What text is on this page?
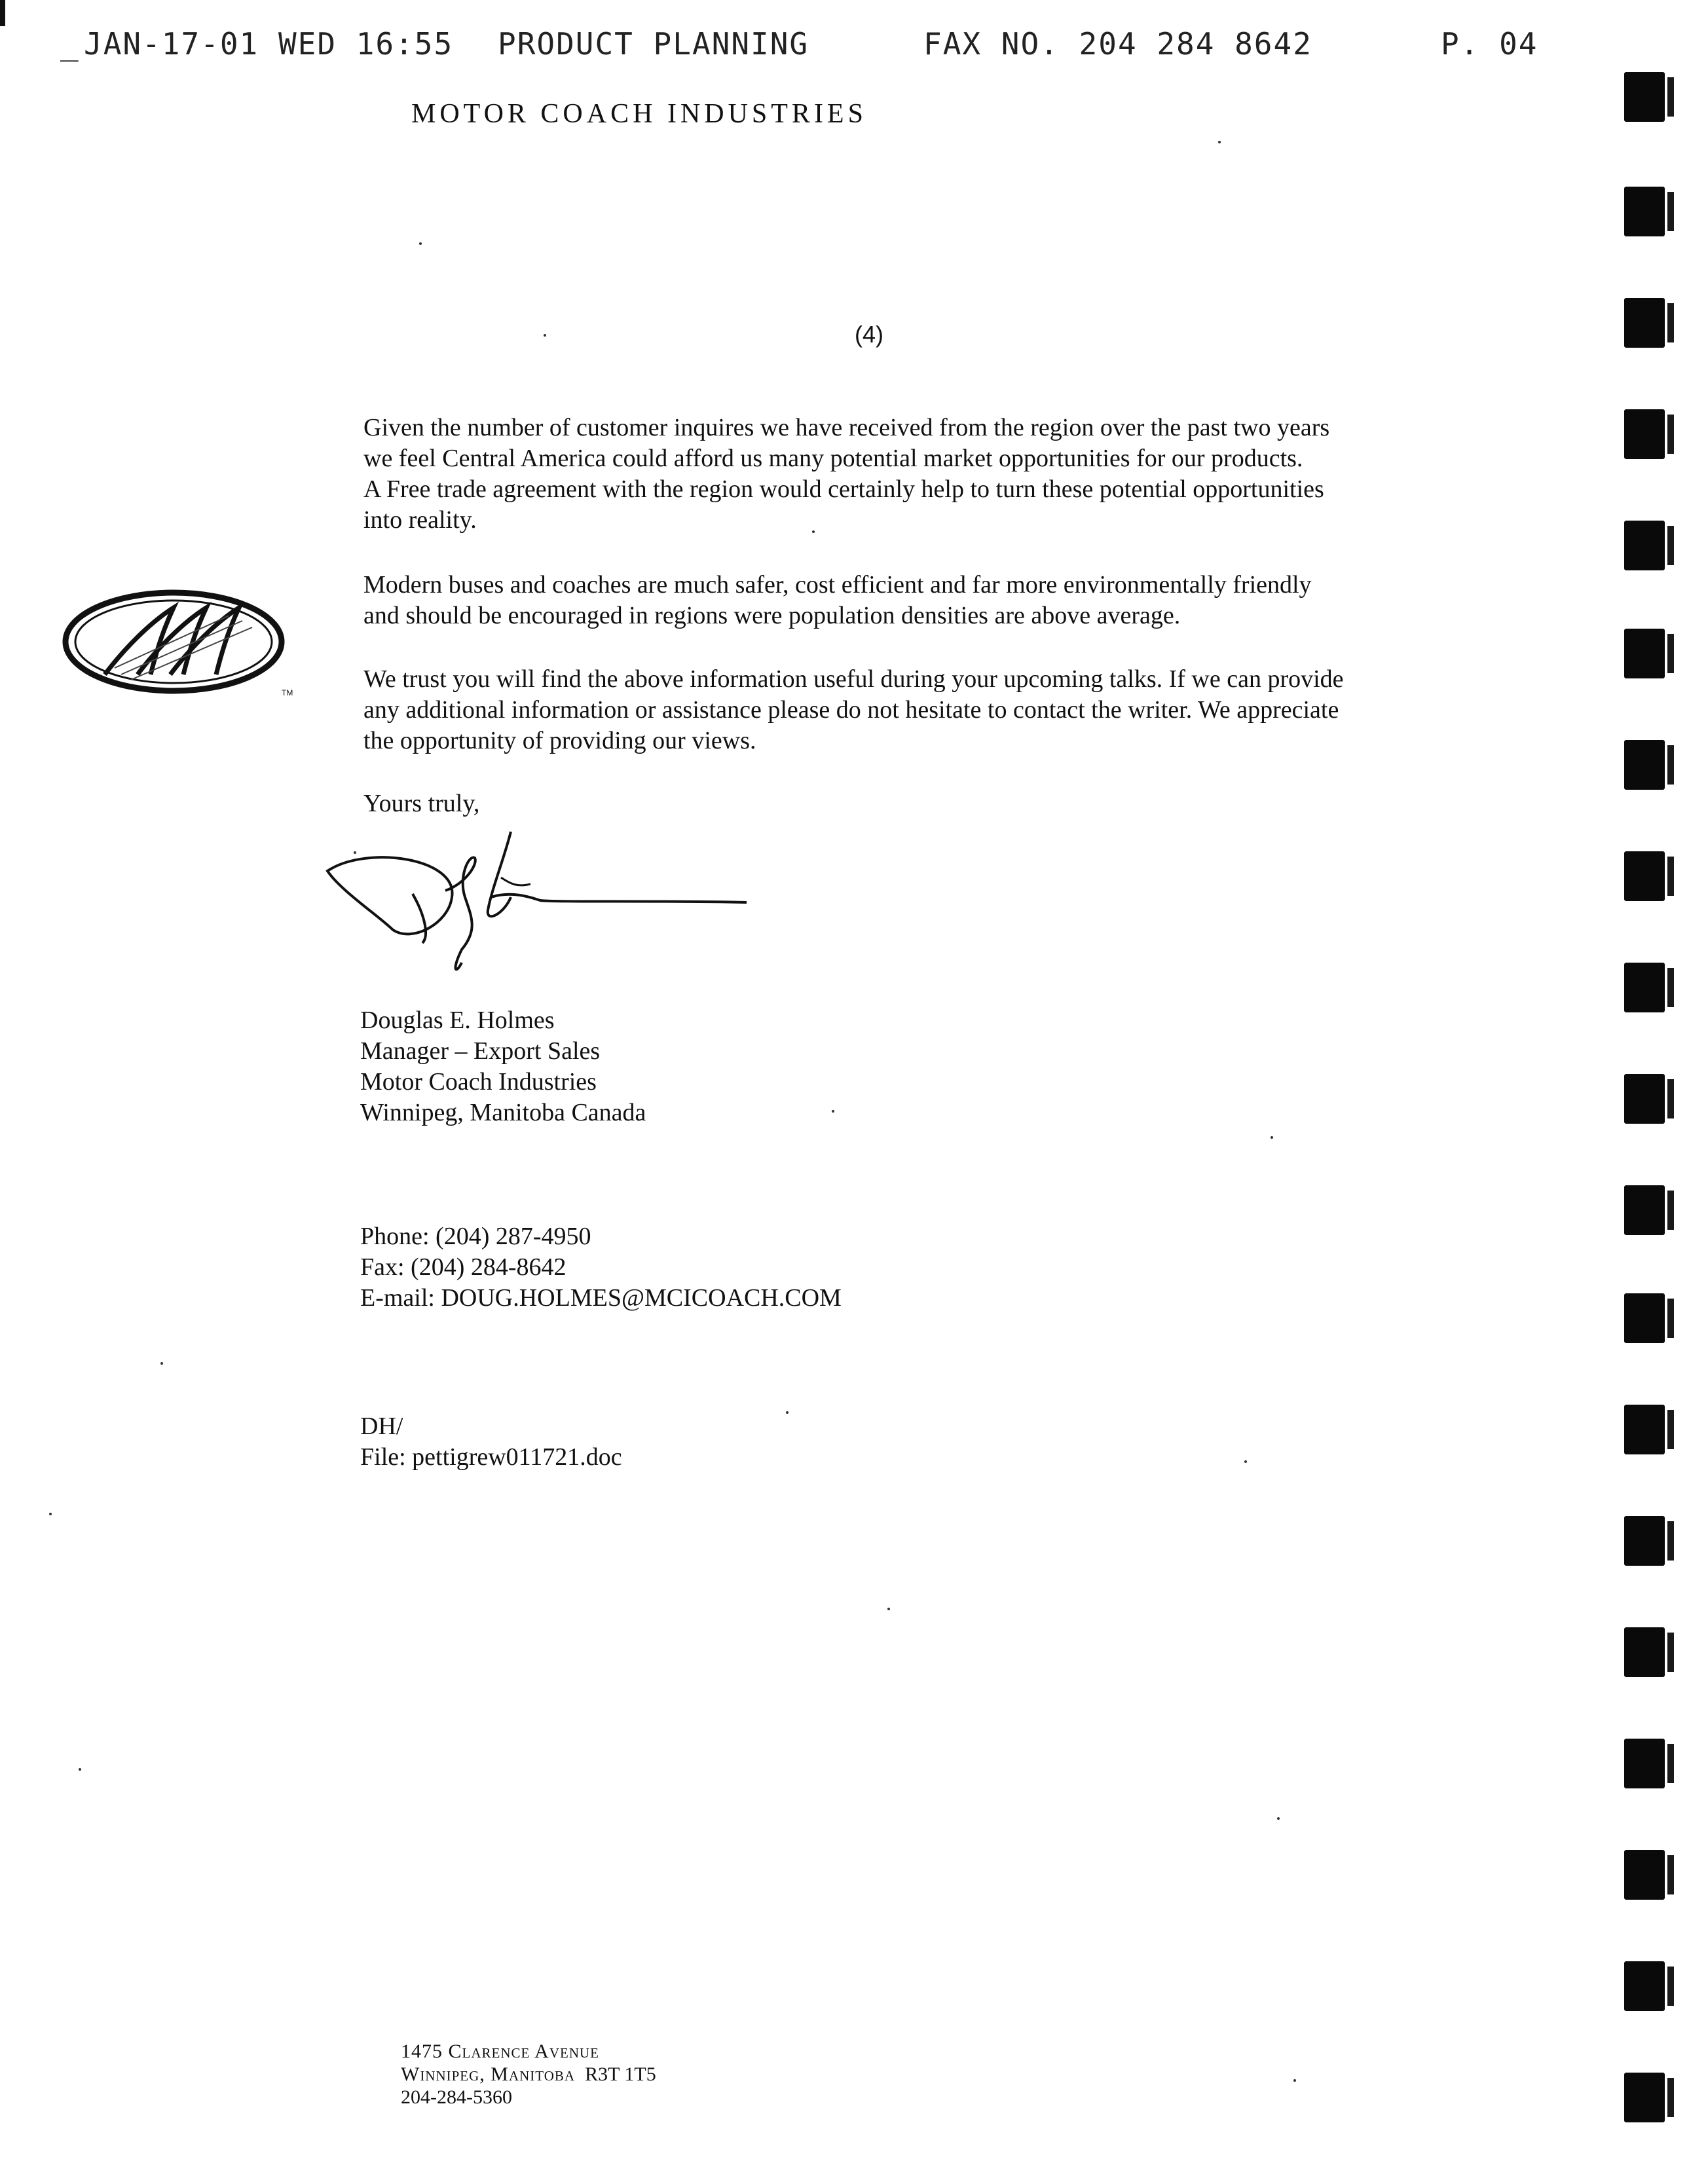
_ JAN-17-01 WED 16:55 PRODUCT PLANNING	FAX NO. 204 284 8642	P. 04
MOTOR COACH INDUSTRIES
(4)
TM
Given the number of customer inquires we have received from the region over the past two years
we feel Central America could afford us many potential market opportunities for our products.
A Free trade agreement with the region would certainly help to turn these potential opportunities
into reality.
Modern buses and coaches are much safer, cost efficient and far more environmentally friendly
and should be encouraged in regions were population densities are above average.
We trust you will find the above information useful during your upcoming talks. If we can provide
any additional information or assistance please do not hesitate to contact the writer. We appreciate
the opportunity of providing our views.
Yours truly,
Douglas E. Holmes
Manager – Export Sales
Motor Coach Industries
Winnipeg, Manitoba Canada
Phone: (204) 287-4950
Fax: (204) 284-8642
E-mail: DOUG.HOLMES@MCICOACH.COM
DH/
File: pettigrew011721.doc
1475 Clarence Avenue
Winnipeg, Manitoba R3T 1T5
204-284-5360
